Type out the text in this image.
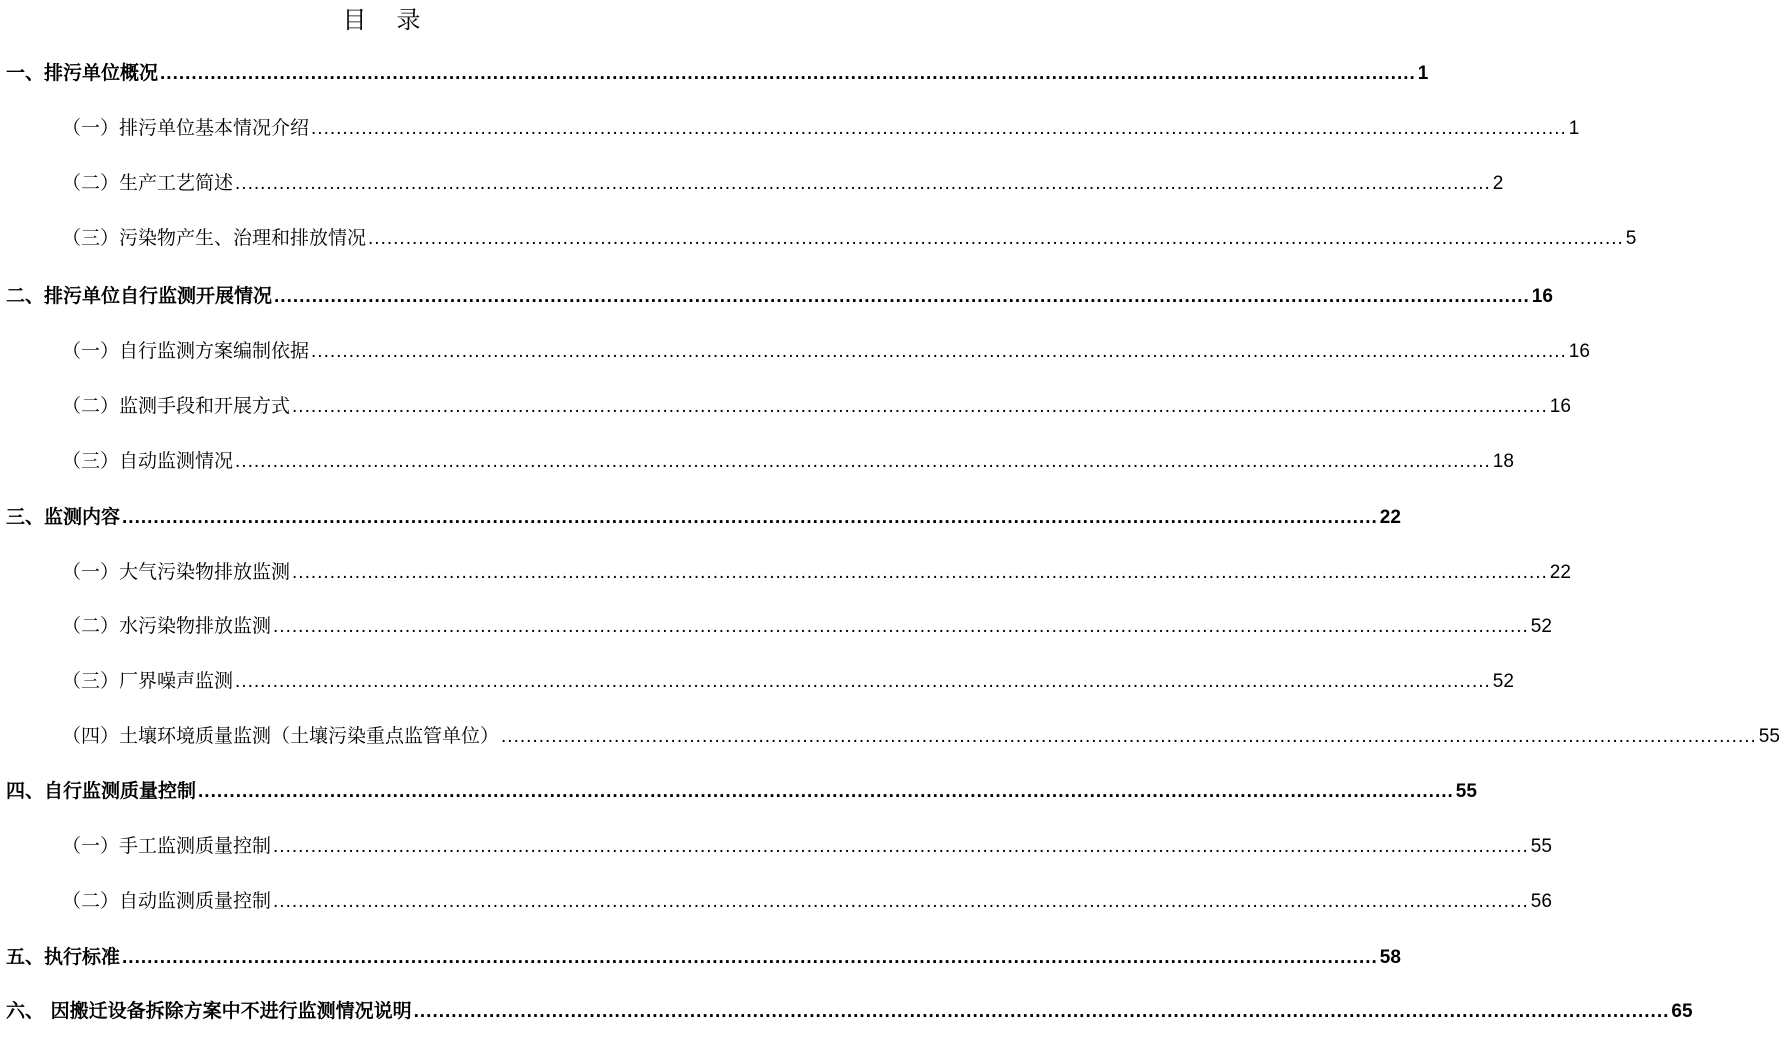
目录
一、排污单位概况 ........................................................................................................................................................................................................ 1
（一）排污单位基本情况介绍 ........................................................................................................................................................................................................ 1
（二）生产工艺简述 ........................................................................................................................................................................................................ 2
（三）污染物产生、治理和排放情况 ........................................................................................................................................................................................................ 5
二、排污单位自行监测开展情况 ........................................................................................................................................................................................................ 16
（一）自行监测方案编制依据 ........................................................................................................................................................................................................ 16
（二）监测手段和开展方式 ........................................................................................................................................................................................................ 16
（三）自动监测情况 ........................................................................................................................................................................................................ 18
三、监测内容 ........................................................................................................................................................................................................ 22
（一）大气污染物排放监测 ........................................................................................................................................................................................................ 22
（二）水污染物排放监测 ........................................................................................................................................................................................................ 52
（三）厂界噪声监测 ........................................................................................................................................................................................................ 52
（四）土壤环境质量监测（土壤污染重点监管单位） ........................................................................................................................................................................................................ 55
四、自行监测质量控制 ........................................................................................................................................................................................................ 55
（一）手工监测质量控制 ........................................................................................................................................................................................................ 55
（二）自动监测质量控制 ........................................................................................................................................................................................................ 56
五、执行标准 ........................................................................................................................................................................................................ 58
六、 因搬迁设备拆除方案中不进行监测情况说明 ........................................................................................................................................................................................................ 65
